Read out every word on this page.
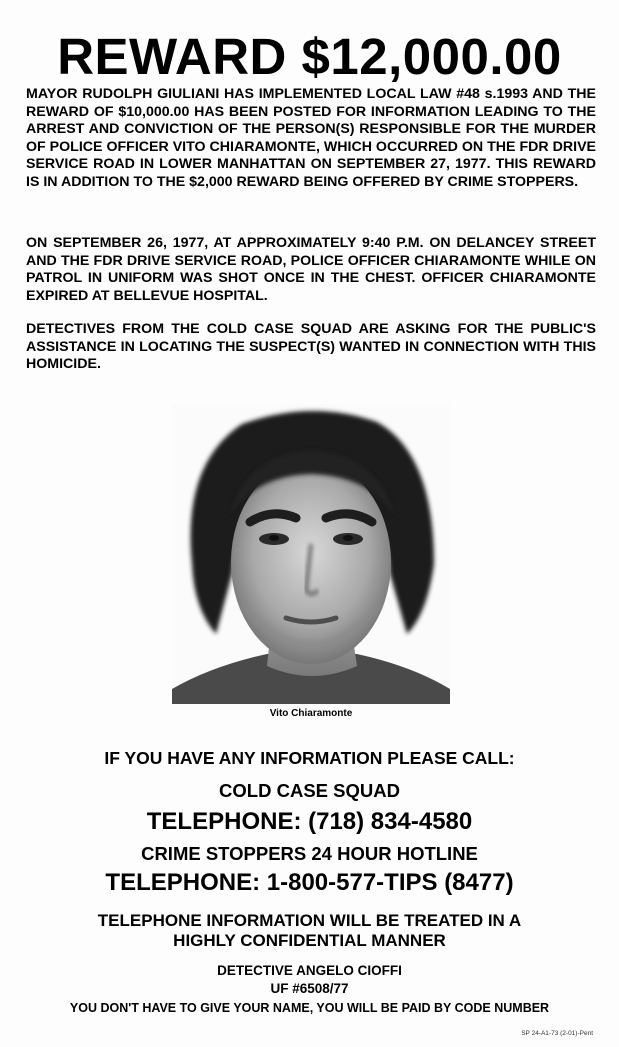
REWARD $12,000.00
MAYOR RUDOLPH GIULIANI HAS IMPLEMENTED LOCAL LAW #48 s.1993 AND THE REWARD OF $10,000.00 HAS BEEN POSTED FOR INFORMATION LEADING TO THE ARREST AND CONVICTION OF THE PERSON(S) RESPONSIBLE FOR THE MURDER OF POLICE OFFICER VITO CHIARAMONTE, WHICH OCCURRED ON THE FDR DRIVE SERVICE ROAD IN LOWER MANHATTAN ON SEPTEMBER 27, 1977. THIS REWARD IS IN ADDITION TO THE $2,000 REWARD BEING OFFERED BY CRIME STOPPERS.
ON SEPTEMBER 26, 1977, AT APPROXIMATELY 9:40 P.M. ON DELANCEY STREET AND THE FDR DRIVE SERVICE ROAD, POLICE OFFICER CHIARAMONTE WHILE ON PATROL IN UNIFORM WAS SHOT ONCE IN THE CHEST. OFFICER CHIARAMONTE EXPIRED AT BELLEVUE HOSPITAL.
DETECTIVES FROM THE COLD CASE SQUAD ARE ASKING FOR THE PUBLIC'S ASSISTANCE IN LOCATING THE SUSPECT(S) WANTED IN CONNECTION WITH THIS HOMICIDE.
Vito Chiaramonte
IF YOU HAVE ANY INFORMATION PLEASE CALL:
COLD CASE SQUAD
TELEPHONE: (718) 834-4580
CRIME STOPPERS 24 HOUR HOTLINE
TELEPHONE: 1-800-577-TIPS (8477)
TELEPHONE INFORMATION WILL BE TREATED IN A
HIGHLY CONFIDENTIAL MANNER
DETECTIVE ANGELO CIOFFI
UF #6508/77
YOU DON'T HAVE TO GIVE YOUR NAME, YOU WILL BE PAID BY CODE NUMBER
SP 24-A1-73 (2-01)-Pent
